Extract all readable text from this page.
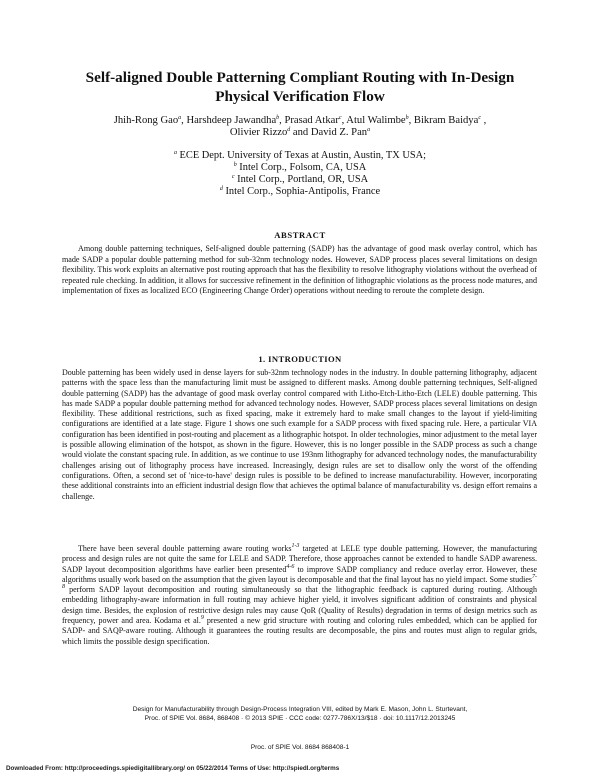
Self-aligned Double Patterning Compliant Routing with In-Design
Physical Verification Flow
Jhih-Rong Gao$^a$, Harshdeep Jawandha$^b$, Prasad Atkar$^c$, Atul Walimbe$^b$, Bikram Baidya$^c$ ,
Olivier Rizzo$^d$ and David Z. Pan$^a$
$^a$ ECE Dept. University of Texas at Austin, Austin, TX USA;
$^b$ Intel Corp., Folsom, CA, USA
$^c$ Intel Corp., Portland, OR, USA
$^d$ Intel Corp., Sophia-Antipolis, France
ABSTRACT

Among double patterning techniques, Self-aligned double patterning (SADP) has the advantage of good mask overlay control, which has made SADP a popular double patterning method for sub-32nm technology nodes. However, SADP process places several limitations on design flexibility. This work exploits an alternative post routing approach that has the flexibility to resolve lithography violations without the overhead of repeated rule checking. In addition, it allows for successive refinement in the definition of lithographic violations as the process node matures, and implementation of fixes as localized ECO (Engineering Change Order) operations without needing to reroute the complete design.

1. INTRODUCTION

Double patterning has been widely used in dense layers for sub-32nm technology nodes in the industry. In double patterning lithography, adjacent patterns with the space less than the manufacturing limit must be assigned to different masks. Among double patterning techniques, Self-aligned double patterning (SADP) has the advantage of good mask overlay control compared with Litho-Etch-Litho-Etch (LELE) double patterning. This has made SADP a popular double patterning method for advanced technology nodes. However, SADP process places several limitations on design flexibility. These additional restrictions, such as fixed spacing, make it extremely hard to make small changes to the layout if yield-limiting configurations are identified at a late stage. Figure 1 shows one such example for a SADP process with fixed spacing rule. Here, a particular VIA configuration has been identified in post-routing and placement as a lithographic hotspot. In older technologies, minor adjustment to the metal layer is possible allowing elimination of the hotspot, as shown in the figure. However, this is no longer possible in the SADP process as such a change would violate the constant spacing rule. In addition, as we continue to use 193nm lithography for advanced technology nodes, the manufacturability challenges arising out of lithography process have increased. Increasingly, design rules are set to disallow only the worst of the offending configurations. Often, a second set of 'nice-to-have' design rules is possible to be defined to increase manufacturability. However, incorporating these additional constraints into an efficient industrial design flow that achieves the optimal balance of manufacturability vs. design effort remains a challenge.

There have been several double patterning aware routing works$^{1-3}$ targeted at LELE type double patterning. However, the manufacturing process and design rules are not quite the same for LELE and SADP. Therefore, those approaches cannot be extended to handle SADP awareness. SADP layout decomposition algorithms have earlier been presented$^{4-6}$ to improve SADP compliancy and reduce overlay error. However, these algorithms usually work based on the assumption that the given layout is decomposable and that the final layout has no yield impact. Some studies$^{7-8}$ perform SADP layout decomposition and routing simultaneously so that the lithographic feedback is captured during routing. Although embedding lithography-aware information in full routing may achieve higher yield, it involves significant addition of constraints and physical design time. Besides, the explosion of restrictive design rules may cause QoR (Quality of Results) degradation in terms of design metrics such as frequency, power and area. Kodama et al.$^9$ presented a new grid structure with routing and coloring rules embedded, which can be applied for SADP- and SAQP-aware routing. Although it guarantees the routing results are decomposable, the pins and routes must align to regular grids, which limits the possible design specification.

Design for Manufacturability through Design-Process Integration VIII, edited by Mark E. Mason, John L. Sturtevant,
Proc. of SPIE Vol. 8684, 868408 · © 2013 SPIE · CCC code: 0277-786X/13/$18 · doi: 10.1117/12.2013245
Proc. of SPIE Vol. 8684 868408-1
Downloaded From: http://proceedings.spiedigitallibrary.org/ on 05/22/2014 Terms of Use: http://spiedl.org/terms
